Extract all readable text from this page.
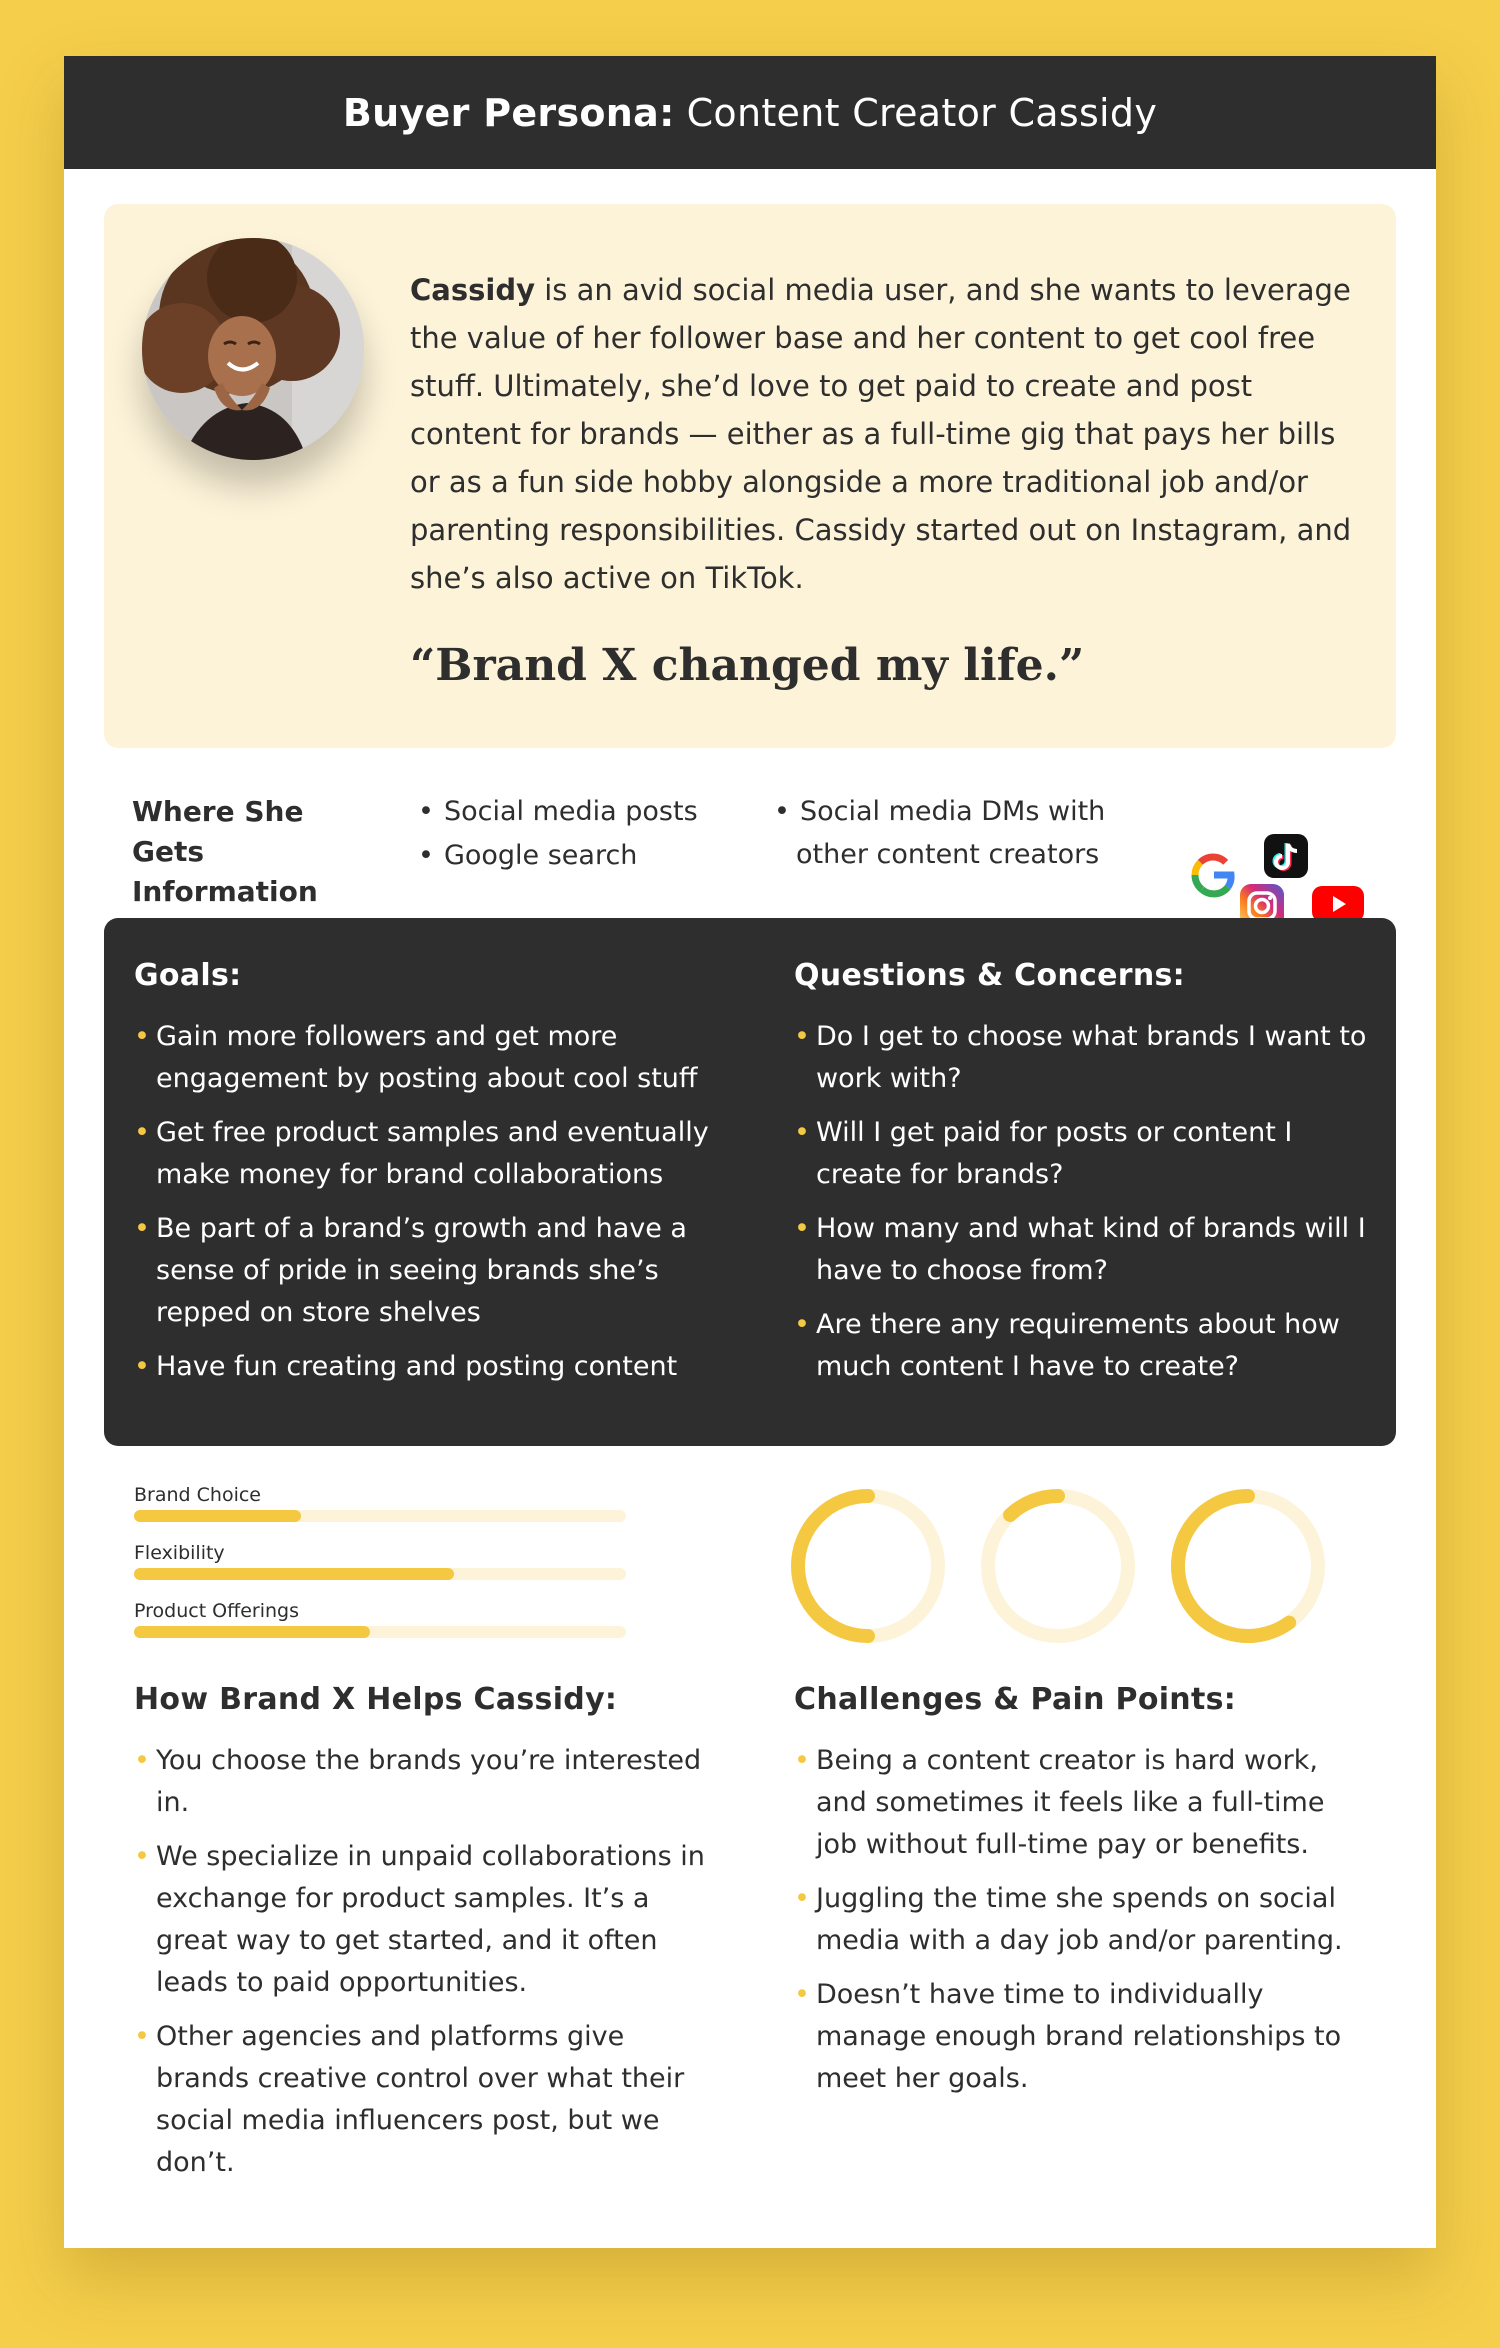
Buyer Persona: Content Creator Cassidy
Cassidy is an avid social media user, and she wants to leverage the value of her follower base and her content to get cool free stuff. Ultimately, she’d love to get paid to create and post content for brands — either as a full-time gig that pays her bills or as a fun side hobby alongside a more traditional job and/or parenting responsibilities. Cassidy started out on Instagram, and she’s also active on TikTok.
“Brand X changed my life.”
Where She Gets Information
• Social media posts
• Google search
• Social media DMs with other content creators
Goals:
• Gain more followers and get more engagement by posting about cool stuff
• Get free product samples and eventually make money for brand collaborations
• Be part of a brand’s growth and have a sense of pride in seeing brands she’s repped on store shelves
• Have fun creating and posting content
Questions & Concerns:
• Do I get to choose what brands I want to work with?
• Will I get paid for posts or content I create for brands?
• How many and what kind of brands will I have to choose from?
• Are there any requirements about how much content I have to create?
Brand Choice
Flexibility
Product Offerings
How Brand X Helps Cassidy:
• You choose the brands you’re interested in.
• We specialize in unpaid collaborations in exchange for product samples. It’s a great way to get started, and it often leads to paid opportunities.
• Other agencies and platforms give brands creative control over what their social media influencers post, but we don’t.
Challenges & Pain Points:
• Being a content creator is hard work, and sometimes it feels like a full-time job without full-time pay or benefits.
• Juggling the time she spends on social media with a day job and/or parenting.
• Doesn’t have time to individually manage enough brand relationships to meet her goals.
